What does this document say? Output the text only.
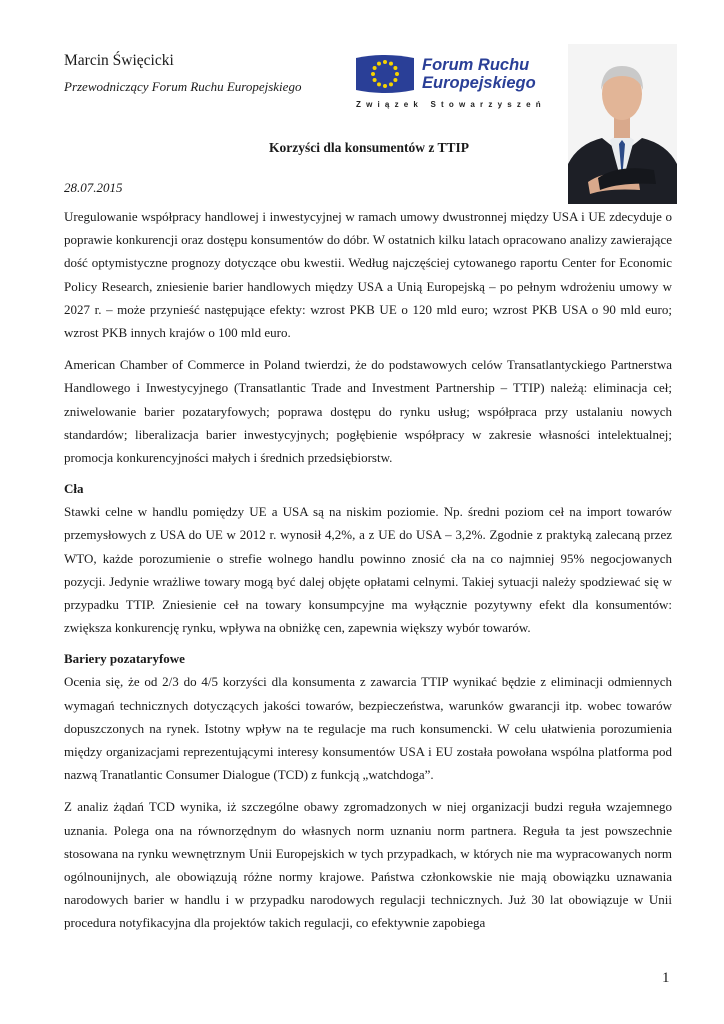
Marcin Święcicki
Przewodniczący Forum Ruchu Europejskiego
Forum Ruchu
Europejskiego
Związek Stowarzyszeń
Korzyści dla konsumentów z TTIP
28.07.2015

Uregulowanie współpracy handlowej i inwestycyjnej w ramach umowy dwustronnej między USA i UE zdecyduje o poprawie konkurencji oraz dostępu konsumentów do dóbr. W ostatnich kilku latach opracowano analizy zawierające dość optymistyczne prognozy dotyczące obu kwestii. Według najczęściej cytowanego raportu Center for Economic Policy Research, zniesienie barier handlowych między USA a Unią Europejską – po pełnym wdrożeniu umowy w 2027 r. – może przynieść następujące efekty: wzrost PKB UE o 120 mld euro; wzrost PKB USA o 90 mld euro; wzrost PKB innych krajów o 100 mld euro.

American Chamber of Commerce in Poland twierdzi, że do podstawowych celów Transatlantyckiego Partnerstwa Handlowego i Inwestycyjnego (Transatlantic Trade and Investment Partnership – TTIP) należą: eliminacja ceł; zniwelowanie barier pozataryfowych; poprawa dostępu do rynku usług; współpraca przy ustalaniu nowych standardów; liberalizacja barier inwestycyjnych; pogłębienie współpracy w zakresie własności intelektualnej; promocja konkurencyjności małych i średnich przedsiębiorstw.

Cła

Stawki celne w handlu pomiędzy UE a USA są na niskim poziomie. Np. średni poziom ceł na import towarów przemysłowych z USA do UE w 2012 r. wynosił 4,2%, a z UE do USA – 3,2%. Zgodnie z praktyką zalecaną przez WTO, każde porozumienie o strefie wolnego handlu powinno znosić cła na co najmniej 95% negocjowanych pozycji. Jedynie wrażliwe towary mogą być dalej objęte opłatami celnymi. Takiej sytuacji należy spodziewać się w przypadku TTIP. Zniesienie ceł na towary konsumpcyjne ma wyłącznie pozytywny efekt dla konsumentów: zwiększa konkurencję rynku, wpływa na obniżkę cen, zapewnia większy wybór towarów.

Bariery pozataryfowe

Ocenia się, że od 2/3 do 4/5 korzyści dla konsumenta z zawarcia TTIP wynikać będzie z eliminacji odmiennych wymagań technicznych dotyczących jakości towarów, bezpieczeństwa, warunków gwarancji itp. wobec towarów dopuszczonych na rynek. Istotny wpływ na te regulacje ma ruch konsumencki. W celu ułatwienia porozumienia między organizacjami reprezentującymi interesy konsumentów USA i EU została powołana wspólna platforma pod nazwą Tranatlantic Consumer Dialogue (TCD) z funkcją „watchdoga”.

Z analiz żądań TCD wynika, iż szczególne obawy zgromadzonych w niej organizacji budzi reguła wzajemnego uznania. Polega ona na równorzędnym do własnych norm uznaniu norm partnera. Reguła ta jest powszechnie stosowana na rynku wewnętrznym Unii Europejskich w tych przypadkach, w których nie ma wypracowanych norm ogólnounijnych, ale obowiązują różne normy krajowe. Państwa członkowskie nie mają obowiązku uznawania narodowych barier w handlu i w przypadku narodowych regulacji technicznych. Już 30 lat obowiązuje w Unii procedura notyfikacyjna dla projektów takich regulacji, co efektywnie zapobiega

1
